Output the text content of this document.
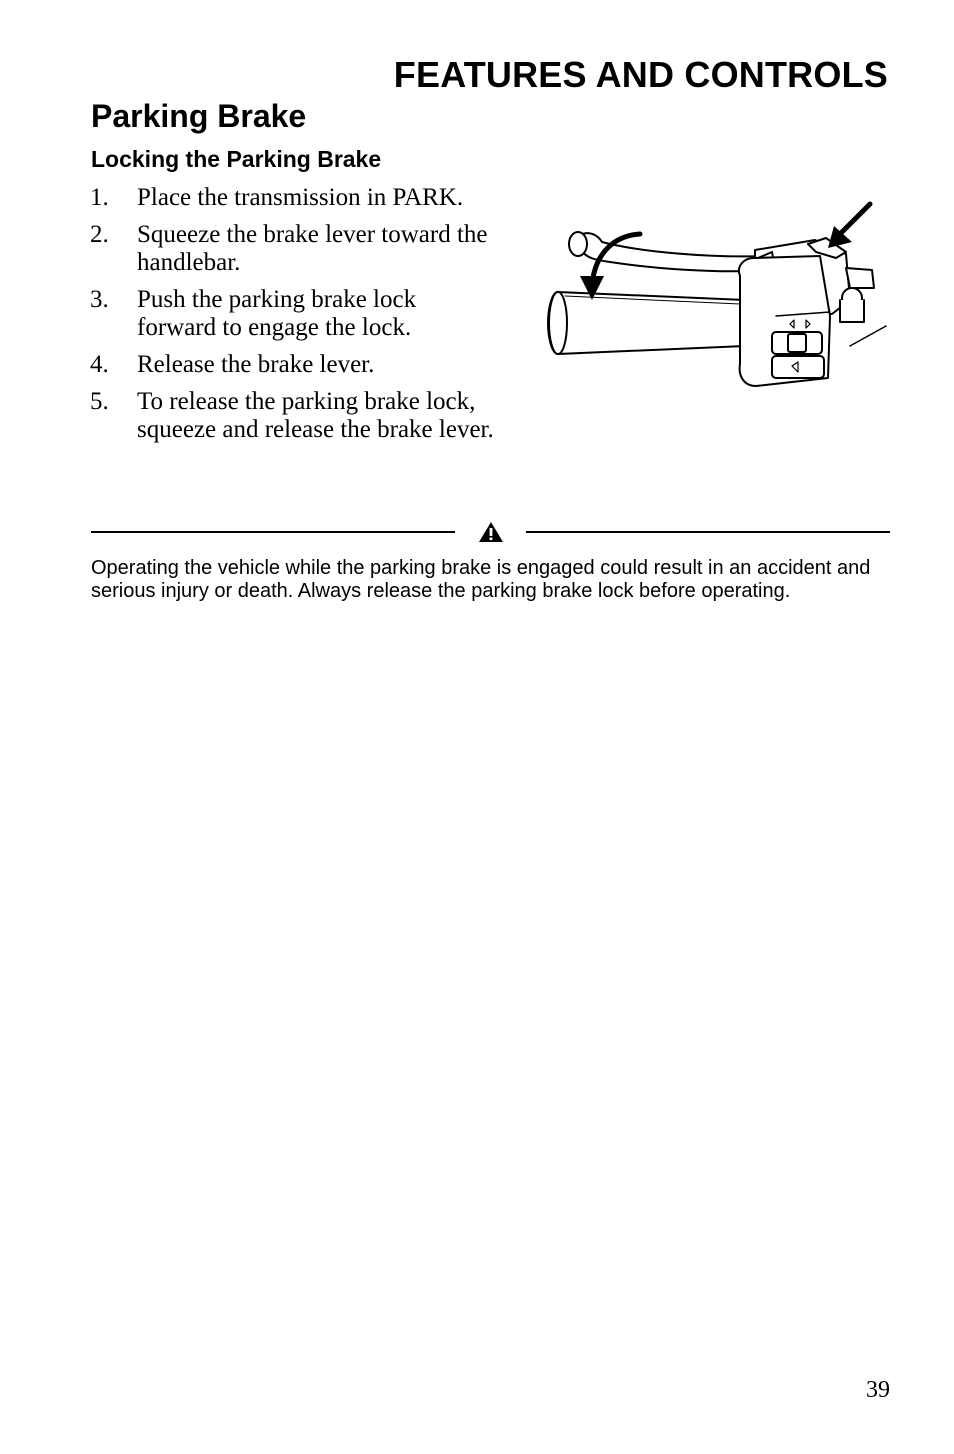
FEATURES AND CONTROLS
Parking Brake
Locking the Parking Brake
1. Place the transmission in PARK.
2. Squeeze the brake lever toward the handlebar.
3. Push the parking brake lock forward to engage the lock.
4. Release the brake lever.
5. To release the parking brake lock, squeeze and release the brake lever.
Operating the vehicle while the parking brake is engaged could result in an accident and serious injury or death. Always release the parking brake lock before operating.
39
